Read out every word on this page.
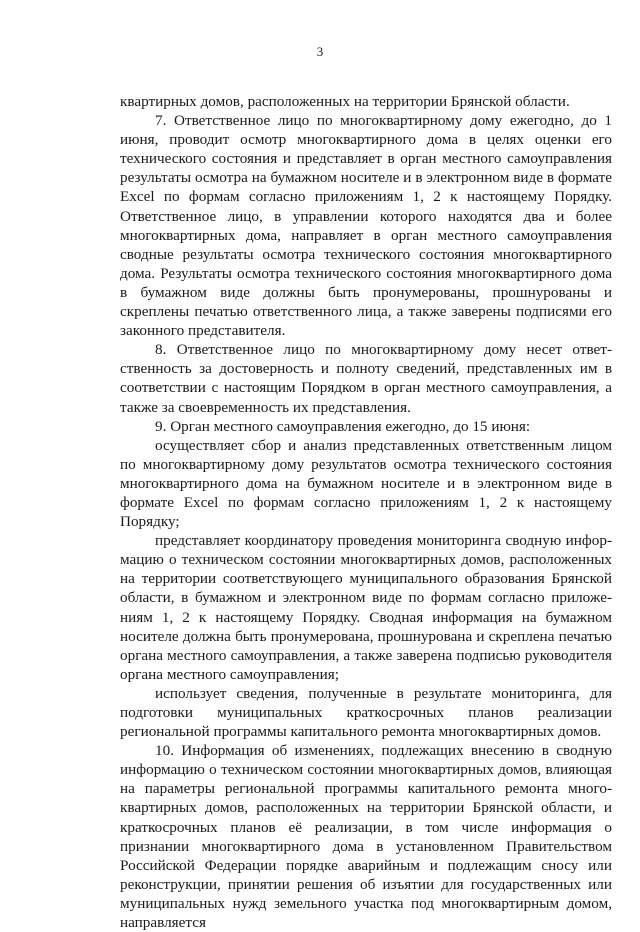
3

квартирных домов, расположенных на территории Брянской области.

7. Ответственное лицо по многоквартирному дому ежегодно, до 1 июня, проводит осмотр многоквартирного дома в целях оценки его технического состояния и представляет в орган местного самоуправления результаты осмотра на бумажном носителе и в электронном виде в формате Excel по формам согласно приложениям 1, 2 к настоящему Порядку. Ответственное лицо, в управлении которого находятся два и более многоквартирных дома, направляет в орган местного самоуправления сводные результаты осмотра технического состояния многоквартирного дома. Результаты осмотра технического состояния многоквартирного дома в бумажном виде должны быть пронумерованы, прошнурованы и скреплены печатью ответственного лица, а также заверены подписями его законного представителя.

8. Ответственное лицо по многоквартирному дому несет ответственность за достоверность и полноту сведений, представленных им в соответствии с настоящим Порядком в орган местного самоуправления, а также за своевременность их представления.

9. Орган местного самоуправления ежегодно, до 15 июня:

осуществляет сбор и анализ представленных ответственным лицом по многоквартирному дому результатов осмотра технического состояния многоквартирного дома на бумажном носителе и в электронном виде в формате Excel по формам согласно приложениям 1, 2 к настоящему Порядку;

представляет координатору проведения мониторинга сводную информацию о техническом состоянии многоквартирных домов, расположенных на территории соответствующего муниципального образования Брянской области, в бумажном и электронном виде по формам согласно приложениям 1, 2 к настоящему Порядку. Сводная информация на бумажном носителе должна быть пронумерована, прошнурована и скреплена печатью органа местного самоуправления, а также заверена подписью руководителя органа местного самоуправления;

использует сведения, полученные в результате мониторинга, для подготовки муниципальных краткосрочных планов реализации региональной программы капитального ремонта многоквартирных домов.

10. Информация об изменениях, подлежащих внесению в сводную информацию о техническом состоянии многоквартирных домов, влияющая на параметры региональной программы капитального ремонта многоквартирных домов, расположенных на территории Брянской области, и краткосрочных планов её реализации, в том числе информация о признании многоквартирного дома в установленном Правительством Российской Федерации порядке аварийным и подлежащим сносу или реконструкции, принятии решения об изъятии для государственных или муниципальных нужд земельного участка под многоквартирным домом, направляется
